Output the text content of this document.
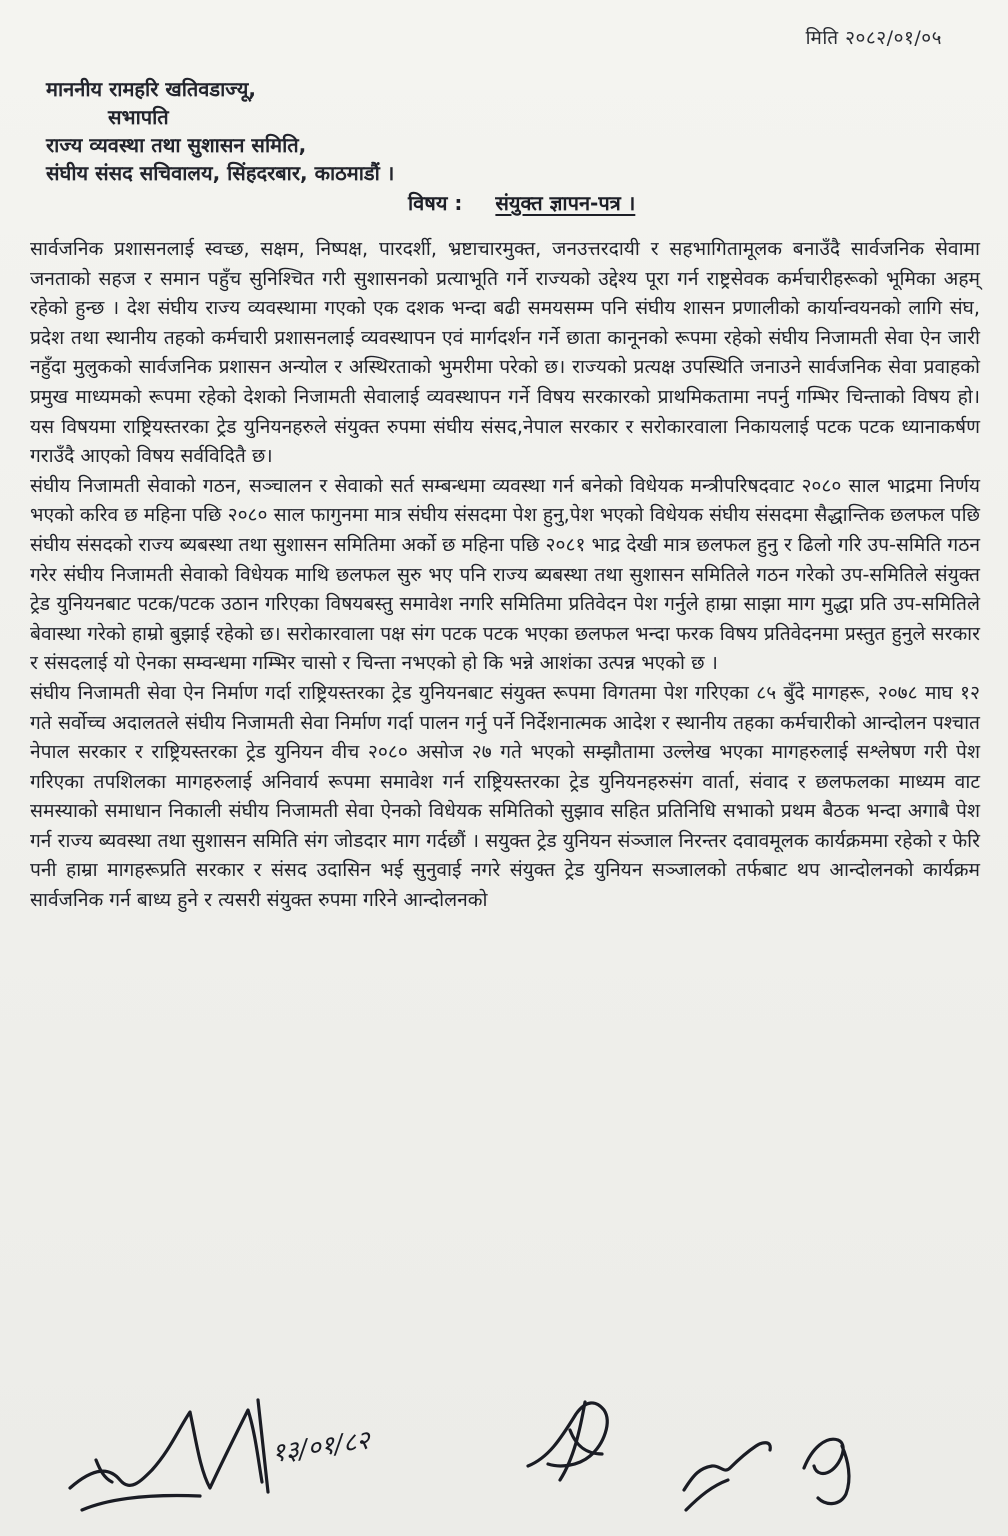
मिति २०८२/०१/०५
माननीय रामहरि खतिवडाज्यू,
सभापति
राज्य व्यवस्था तथा सुशासन समिति,
संघीय संसद सचिवालय, सिंहदरबार, काठमाडौं ।
विषय : संयुक्त ज्ञापन-पत्र ।

सार्वजनिक प्रशासनलाई स्वच्छ, सक्षम, निष्पक्ष, पारदर्शी, भ्रष्टाचारमुक्त, जनउत्तरदायी र सहभागितामूलक बनाउँदै सार्वजनिक सेवामा जनताको सहज र समान पहुँच सुनिश्चित गरी सुशासनको प्रत्याभूति गर्ने राज्यको उद्देश्य पूरा गर्न राष्ट्रसेवक कर्मचारीहरूको भूमिका अहम् रहेको हुन्छ । देश संघीय राज्य व्यवस्थामा गएको एक दशक भन्दा बढी समयसम्म पनि संघीय शासन प्रणालीको कार्यान्वयनको लागि संघ, प्रदेश तथा स्थानीय तहको कर्मचारी प्रशासनलाई व्यवस्थापन एवं मार्गदर्शन गर्ने छाता कानूनको रूपमा रहेको संघीय निजामती सेवा ऐन जारी नहुँदा मुलुकको सार्वजनिक प्रशासन अन्योल र अस्थिरताको भुमरीमा परेको छ। राज्यको प्रत्यक्ष उपस्थिति जनाउने सार्वजनिक सेवा प्रवाहको प्रमुख माध्यमको रूपमा रहेको देशको निजामती सेवालाई व्यवस्थापन गर्ने विषय सरकारको प्राथमिकतामा नपर्नु गम्भिर चिन्ताको विषय हो। यस विषयमा राष्ट्रियस्तरका ट्रेड युनियनहरुले संयुक्त रुपमा संघीय संसद,नेपाल सरकार र सरोकारवाला निकायलाई पटक पटक ध्यानाकर्षण गराउँदै आएको विषय सर्वविदितै छ।

संघीय निजामती सेवाको गठन, सञ्चालन र सेवाको सर्त सम्बन्धमा व्यवस्था गर्न बनेको विधेयक मन्त्रीपरिषदवाट २०८० साल भाद्रमा निर्णय भएको करिव छ महिना पछि २०८० साल फागुनमा मात्र संघीय संसदमा पेश हुनु,पेश भएको विधेयक संघीय संसदमा सैद्धान्तिक छलफल पछि संघीय संसदको राज्य ब्यबस्था तथा सुशासन समितिमा अर्को छ महिना पछि २०८१ भाद्र देखी मात्र छलफल हुनु र ढिलो गरि उप-समिति गठन गरेर संघीय निजामती सेवाको विधेयक माथि छलफल सुरु भए पनि राज्य ब्यबस्था तथा सुशासन समितिले गठन गरेको उप-समितिले संयुक्त ट्रेड युनियनबाट पटक/पटक उठान गरिएका विषयबस्तु समावेश नगरि समितिमा प्रतिवेदन पेश गर्नुले हाम्रा साझा माग मुद्धा प्रति उप-समितिले बेवास्था गरेको हाम्रो बुझाई रहेको छ। सरोकारवाला पक्ष संग पटक पटक भएका छलफल भन्दा फरक विषय प्रतिवेदनमा प्रस्तुत हुनुले सरकार र संसदलाई यो ऐनका सम्वन्धमा गम्भिर चासो र चिन्ता नभएको हो कि भन्ने आशंका उत्पन्न भएको छ ।

संघीय निजामती सेवा ऐन निर्माण गर्दा राष्ट्रियस्तरका ट्रेड युनियनबाट संयुक्त रूपमा विगतमा पेश गरिएका ८५ बुँदे मागहरू, २०७८ माघ १२ गते सर्वोच्च अदालतले संघीय निजामती सेवा निर्माण गर्दा पालन गर्नु पर्ने निर्देशनात्मक आदेश र स्थानीय तहका कर्मचारीको आन्दोलन पश्चात नेपाल सरकार र राष्ट्रियस्तरका ट्रेड युनियन वीच २०८० असोज २७ गते भएको सम्झौतामा उल्लेख भएका मागहरुलाई सश्लेषण गरी पेश गरिएका तपशिलका मागहरुलाई अनिवार्य रूपमा समावेश गर्न राष्ट्रियस्तरका ट्रेड युनियनहरुसंग वार्ता, संवाद र छलफलका माध्यम वाट समस्याको समाधान निकाली संघीय निजामती सेवा ऐनको विधेयक समितिको सुझाव सहित प्रतिनिधि सभाको प्रथम बैठक भन्दा अगाबै पेश गर्न राज्य ब्यवस्था तथा सुशासन समिति संग जोडदार माग गर्दछौं । सयुक्त ट्रेड युनियन संञ्जाल निरन्तर दवावमूलक कार्यक्रममा रहेको र फेरि पनी हाम्रा मागहरूप्रति सरकार र संसद उदासिन भई सुनुवाई नगरे संयुक्त ट्रेड युनियन सञ्जालको तर्फबाट थप आन्दोलनको कार्यक्रम सार्वजनिक गर्न बाध्य हुने र त्यसरी संयुक्त रुपमा गरिने आन्दोलनको

१३/०१/८२
